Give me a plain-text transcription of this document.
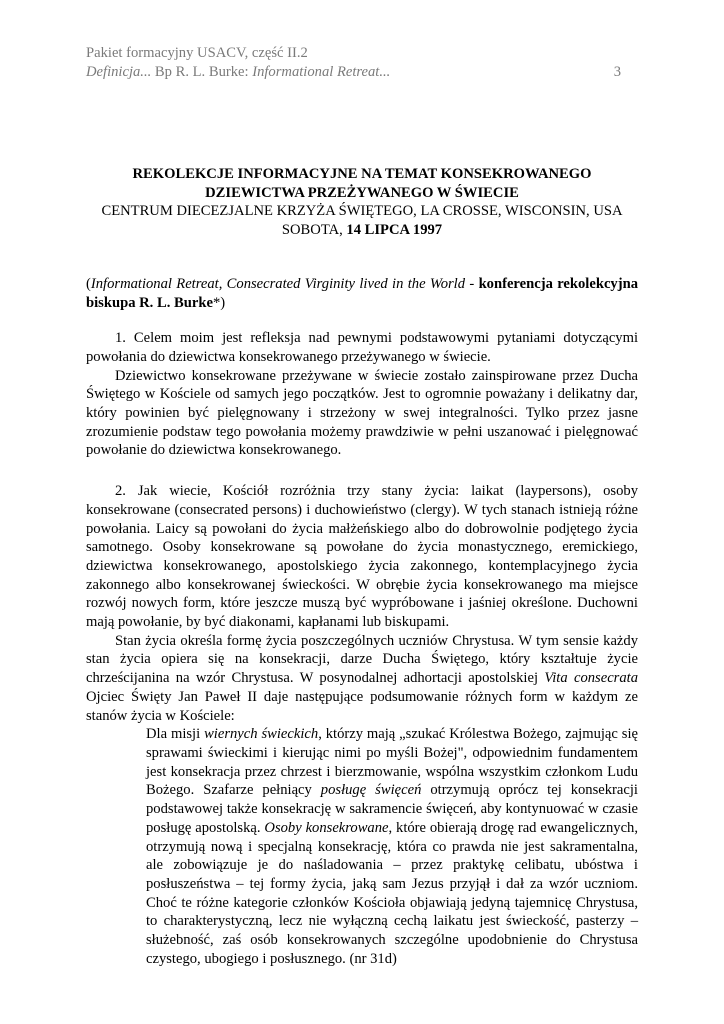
Pakiet formacyjny USACV, część II.2
Definicja... Bp R. L. Burke: Informational Retreat...	3
REKOLEKCJE INFORMACYJNE NA TEMAT KONSEKROWANEGO
DZIEWICTWA PRZEŻYWANEGO W ŚWIECIE
CENTRUM DIECEZJALNE KRZYŻA ŚWIĘTEGO, LA CROSSE, WISCONSIN, USA
SOBOTA, 14 LIPCA 1997
(Informational Retreat, Consecrated Virginity lived in the World - konferencja rekolekcyjna biskupa R. L. Burke*)

1. Celem moim jest refleksja nad pewnymi podstawowymi pytaniami dotyczącymi powołania do dziewictwa konsekrowanego przeżywanego w świecie.

Dziewictwo konsekrowane przeżywane w świecie zostało zainspirowane przez Ducha Świętego w Kościele od samych jego początków. Jest to ogromnie poważany i delikatny dar, który powinien być pielęgnowany i strzeżony w swej integralności. Tylko przez jasne zrozumienie podstaw tego powołania możemy prawdziwie w pełni uszanować i pielęgnować powołanie do dziewictwa konsekrowanego.

2. Jak wiecie, Kościół rozróżnia trzy stany życia: laikat (laypersons), osoby konsekrowane (consecrated persons) i duchowieństwo (clergy). W tych stanach istnieją różne powołania. Laicy są powołani do życia małżeńskiego albo do dobrowolnie podjętego życia samotnego. Osoby konsekrowane są powołane do życia monastycznego, eremickiego, dziewictwa konsekrowanego, apostolskiego życia zakonnego, kontemplacyjnego życia zakonnego albo konsekrowanej świeckości. W obrębie życia konsekrowanego ma miejsce rozwój nowych form, które jeszcze muszą być wypróbowane i jaśniej określone. Duchowni mają powołanie, by być diakonami, kapłanami lub biskupami.

Stan życia określa formę życia poszczególnych uczniów Chrystusa. W tym sensie każdy stan życia opiera się na konsekracji, darze Ducha Świętego, który kształtuje życie chrześcijanina na wzór Chrystusa. W posynodalnej adhortacji apostolskiej Vita consecrata Ojciec Święty Jan Paweł II daje następujące podsumowanie różnych form w każdym ze stanów życia w Kościele:

Dla misji wiernych świeckich, którzy mają „szukać Królestwa Bożego, zajmując się sprawami świeckimi i kierując nimi po myśli Bożej", odpowiednim fundamentem jest konsekracja przez chrzest i bierzmowanie, wspólna wszystkim członkom Ludu Bożego. Szafarze pełniący posługę święceń otrzymują oprócz tej konsekracji podstawowej także konsekrację w sakramencie święceń, aby kontynuować w czasie posługę apostolską. Osoby konsekrowane, które obierają drogę rad ewangelicznych, otrzymują nową i specjalną konsekrację, która co prawda nie jest sakramentalna, ale zobowiązuje je do naśladowania – przez praktykę celibatu, ubóstwa i posłuszeństwa – tej formy życia, jaką sam Jezus przyjął i dał za wzór uczniom. Choć te różne kategorie członków Kościoła objawiają jedyną tajemnicę Chrystusa, to charakterystyczną, lecz nie wyłączną cechą laikatu jest świeckość, pasterzy – służebność, zaś osób konsekrowanych szczególne upodobnienie do Chrystusa czystego, ubogiego i posłusznego. (nr 31d)
